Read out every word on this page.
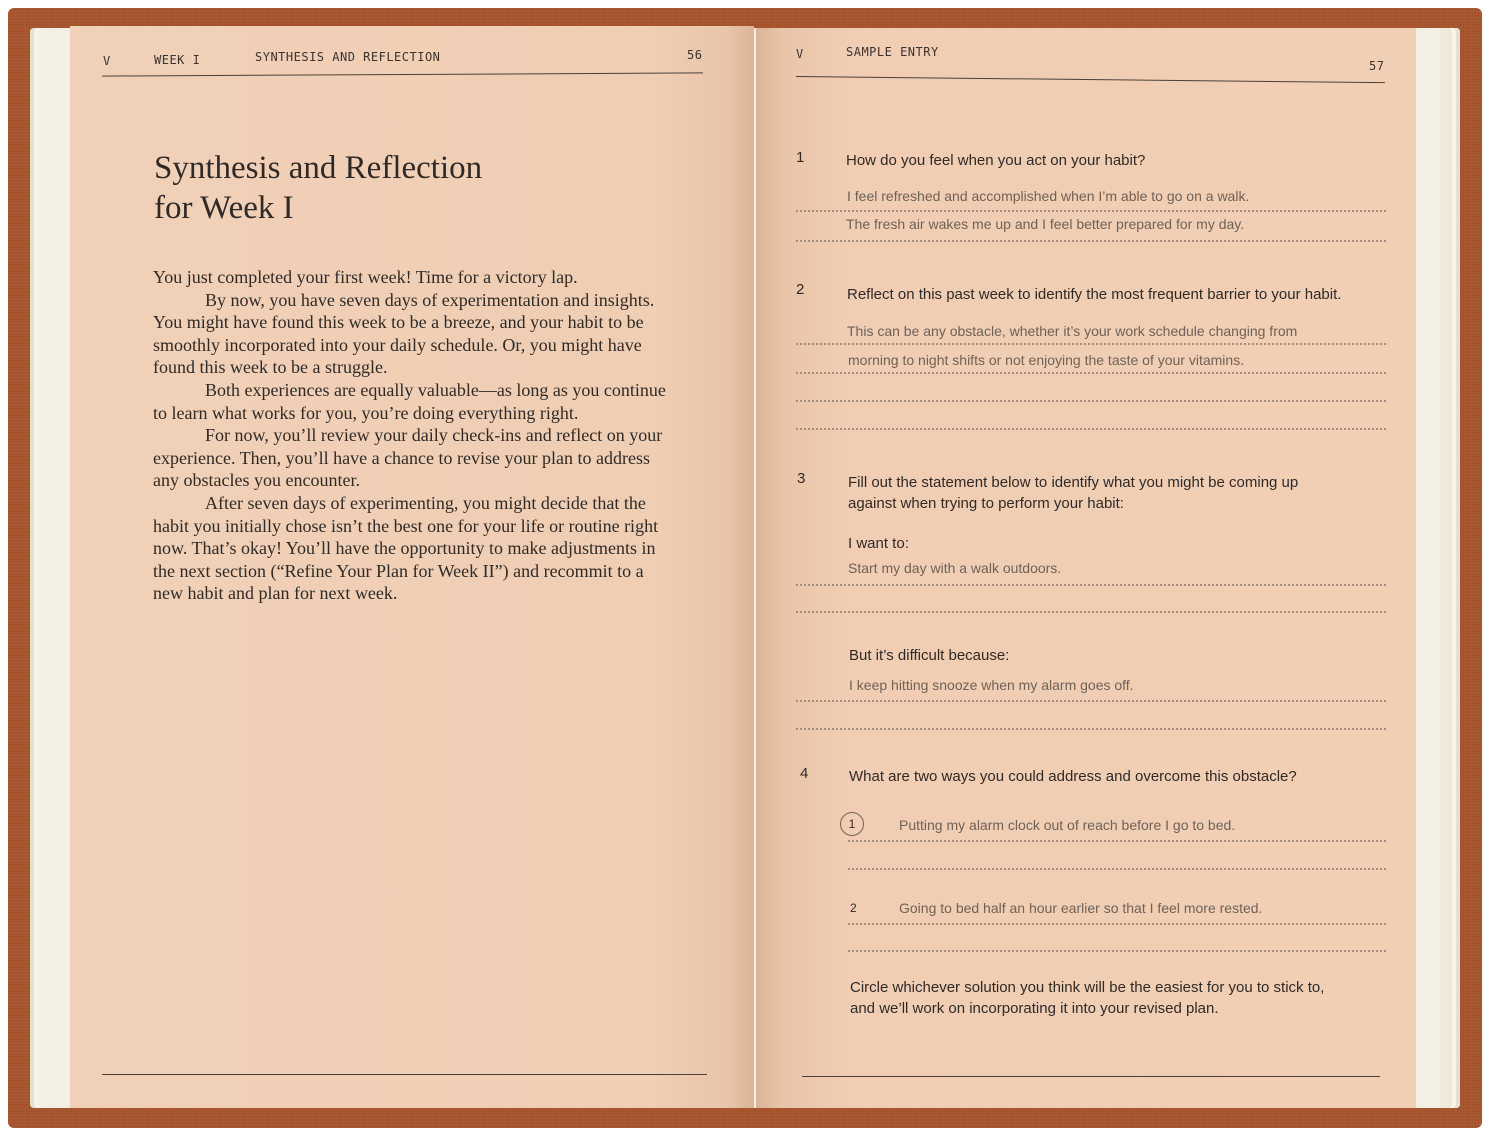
V	WEEK I	SYNTHESIS AND REFLECTION	56
Synthesis and Reflection
for Week I

You just completed your first week! Time for a victory lap.

By now, you have seven days of experimentation and insights. You might have found this week to be a breeze, and your habit to be smoothly incorporated into your daily schedule. Or, you might have found this week to be a struggle.

Both experiences are equally valuable—as long as you continue to learn what works for you, you’re doing everything right.

For now, you’ll review your daily check-ins and reflect on your experience. Then, you’ll have a chance to revise your plan to address any obstacles you encounter.

After seven days of experimenting, you might decide that the habit you initially chose isn’t the best one for your life or routine right now. That’s okay! You’ll have the opportunity to make adjustments in the next section (“Refine Your Plan for Week II”) and recommit to a new habit and plan for next week.

V	SAMPLE ENTRY
57
1	How do you feel when you act on your habit?
I feel refreshed and accomplished when I’m able to go on a walk.
The fresh air wakes me up and I feel better prepared for my day.
2	Reflect on this past week to identify the most frequent barrier to your habit.
This can be any obstacle, whether it’s your work schedule changing from
morning to night shifts or not enjoying the taste of your vitamins.
3	Fill out the statement below to identify what you might be coming up against when trying to perform your habit:
I want to:
Start my day with a walk outdoors.
But it’s difficult because:
I keep hitting snooze when my alarm goes off.
4	What are two ways you could address and overcome this obstacle?
1	Putting my alarm clock out of reach before I go to bed.
2	Going to bed half an hour earlier so that I feel more rested.
Circle whichever solution you think will be the easiest for you to stick to, and we’ll work on incorporating it into your revised plan.
